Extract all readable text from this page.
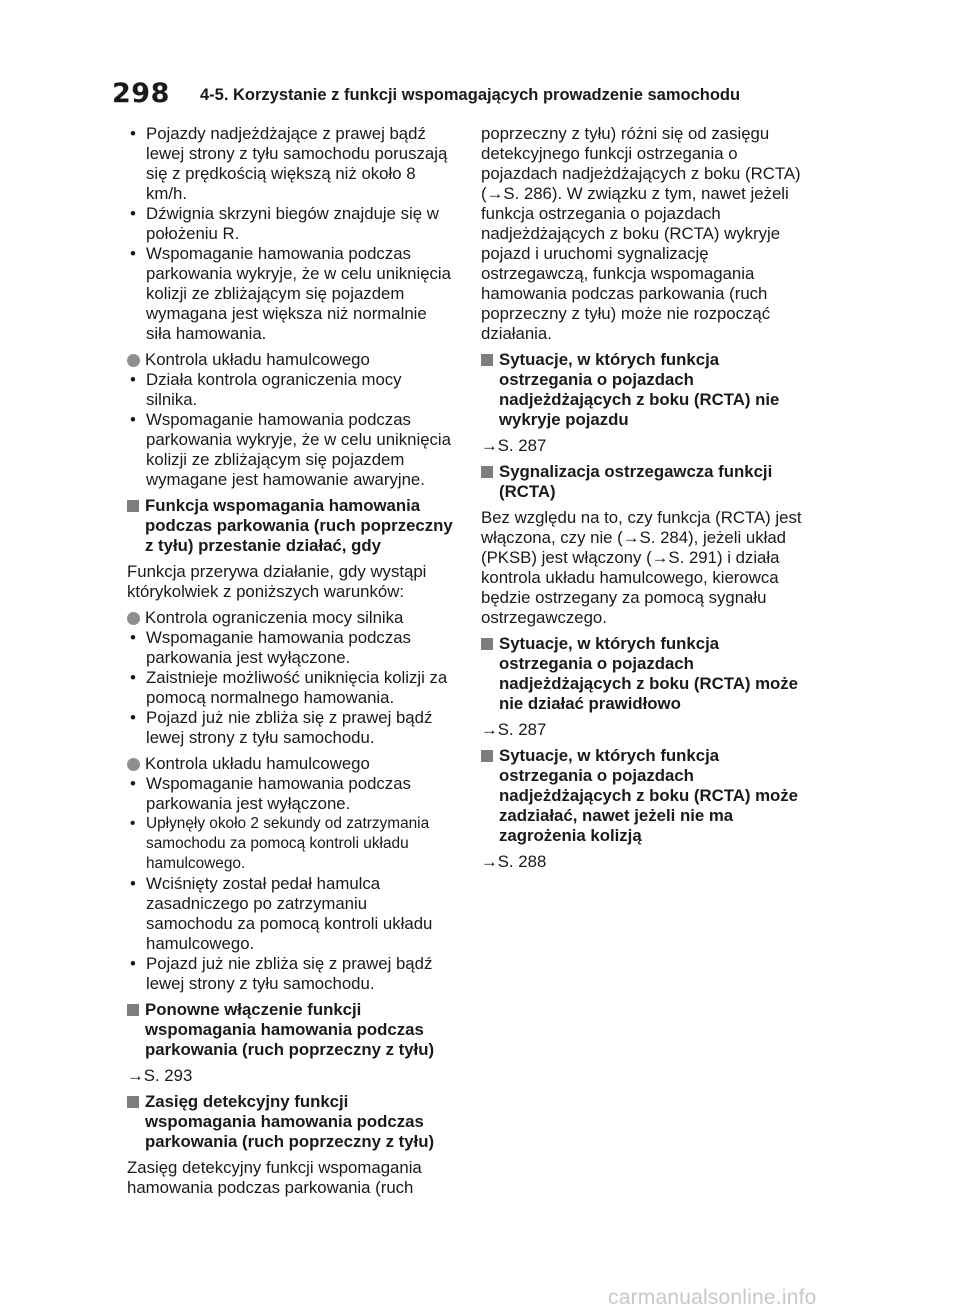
298 4-5. Korzystanie z funkcji wspomagających prowadzenie samochodu
• Pojazdy nadjeżdżające z prawej bądź lewej strony z tyłu samochodu poruszają się z prędkością większą niż około 8 km/h.
• Dźwignia skrzyni biegów znajduje się w położeniu R.
• Wspomaganie hamowania podczas parkowania wykryje, że w celu uniknięcia kolizji ze zbliżającym się pojazdem wymagana jest większa niż normalnie siła hamowania.
Kontrola układu hamulcowego
• Działa kontrola ograniczenia mocy silnika.
• Wspomaganie hamowania podczas parkowania wykryje, że w celu uniknięcia kolizji ze zbliżającym się pojazdem wymagane jest hamowanie awaryjne.
Funkcja wspomagania hamowania podczas parkowania (ruch poprzeczny z tyłu) przestanie działać, gdy

Funkcja przerywa działanie, gdy wystąpi którykolwiek z poniższych warunków:

Kontrola ograniczenia mocy silnika
• Wspomaganie hamowania podczas parkowania jest wyłączone.
• Zaistnieje możliwość uniknięcia kolizji za pomocą normalnego hamowania.
• Pojazd już nie zbliża się z prawej bądź lewej strony z tyłu samochodu.
Kontrola układu hamulcowego
• Wspomaganie hamowania podczas parkowania jest wyłączone.
• Upłynęły około 2 sekundy od zatrzymania samochodu za pomocą kontroli układu hamulcowego.
• Wciśnięty został pedał hamulca zasadniczego po zatrzymaniu samochodu za pomocą kontroli układu hamulcowego.
• Pojazd już nie zbliża się z prawej bądź lewej strony z tyłu samochodu.
Ponowne włączenie funkcji wspomagania hamowania podczas parkowania (ruch poprzeczny z tyłu)

→S. 293

Zasięg detekcyjny funkcji wspomagania hamowania podczas parkowania (ruch poprzeczny z tyłu)

Zasięg detekcyjny funkcji wspomagania hamowania podczas parkowania (ruch

poprzeczny z tyłu) różni się od zasięgu detekcyjnego funkcji ostrzegania o pojazdach nadjeżdżających z boku (RCTA) (→S. 286). W związku z tym, nawet jeżeli funkcja ostrzegania o pojazdach nadjeżdżających z boku (RCTA) wykryje pojazd i uruchomi sygnalizację ostrzegawczą, funkcja wspomagania hamowania podczas parkowania (ruch poprzeczny z tyłu) może nie rozpocząć działania.

Sytuacje, w których funkcja ostrzegania o pojazdach nadjeżdżających z boku (RCTA) nie wykryje pojazdu

→S. 287

Sygnalizacja ostrzegawcza funkcji (RCTA)

Bez względu na to, czy funkcja (RCTA) jest włączona, czy nie (→S. 284), jeżeli układ (PKSB) jest włączony (→S. 291) i działa kontrola układu hamulcowego, kierowca będzie ostrzegany za pomocą sygnału ostrzegawczego.

Sytuacje, w których funkcja ostrzegania o pojazdach nadjeżdżających z boku (RCTA) może nie działać prawidłowo

→S. 287

Sytuacje, w których funkcja ostrzegania o pojazdach nadjeżdżających z boku (RCTA) może zadziałać, nawet jeżeli nie ma zagrożenia kolizją

→S. 288

carmanualsonline.info
